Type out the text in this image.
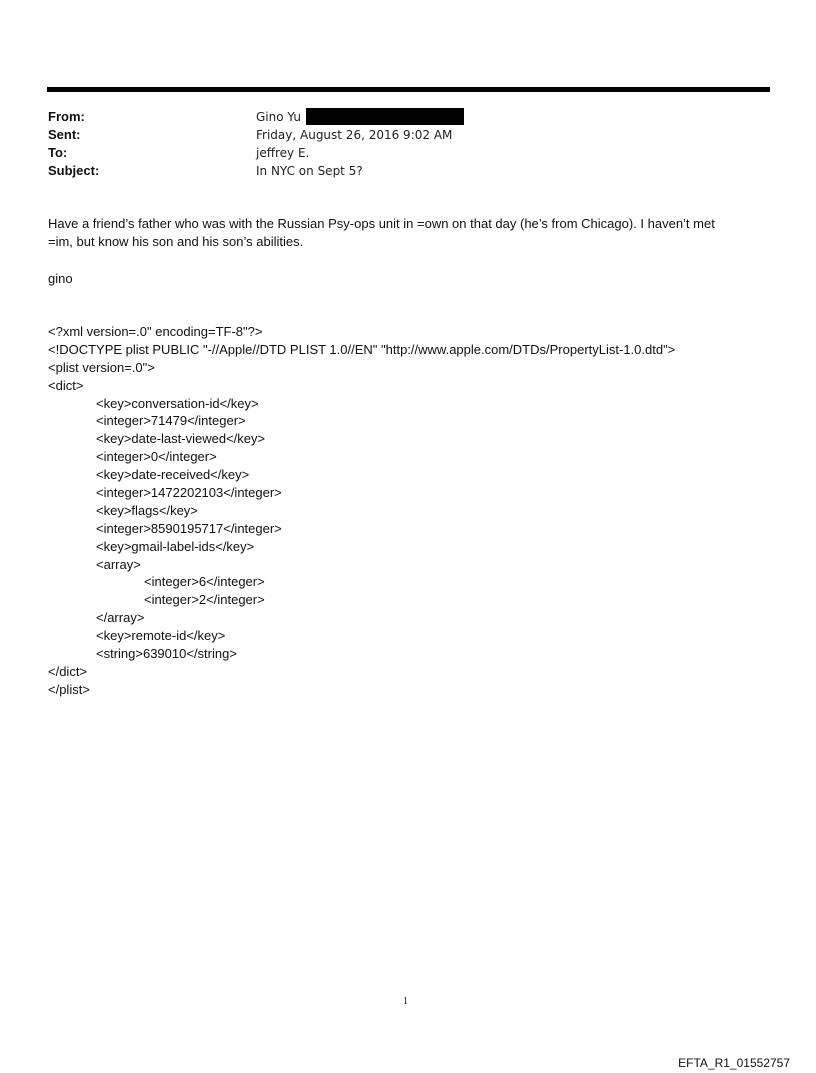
From:	Gino Yu
Sent:	Friday, August 26, 2016 9:02 AM
To:	jeffrey E.
Subject:	In NYC on Sept 5?

Have a friend’s father who was with the Russian Psy-ops unit in =own on that day (he’s from Chicago). I haven’t met

=im, but know his son and his son’s abilities.

gino
<?xml version=.0" encoding=TF-8"?>
<!DOCTYPE plist PUBLIC "-//Apple//DTD PLIST 1.0//EN" "http://www.apple.com/DTDs/PropertyList-1.0.dtd">
<plist version=.0">
<dict>
<key>conversation-id</key>
<integer>71479</integer>
<key>date-last-viewed</key>
<integer>0</integer>
<key>date-received</key>
<integer>1472202103</integer>
<key>flags</key>
<integer>8590195717</integer>
<key>gmail-label-ids</key>
<array>
<integer>6</integer>
<integer>2</integer>
</array>
<key>remote-id</key>
<string>639010</string>
</dict>
</plist>
1
EFTA_R1_01552757
